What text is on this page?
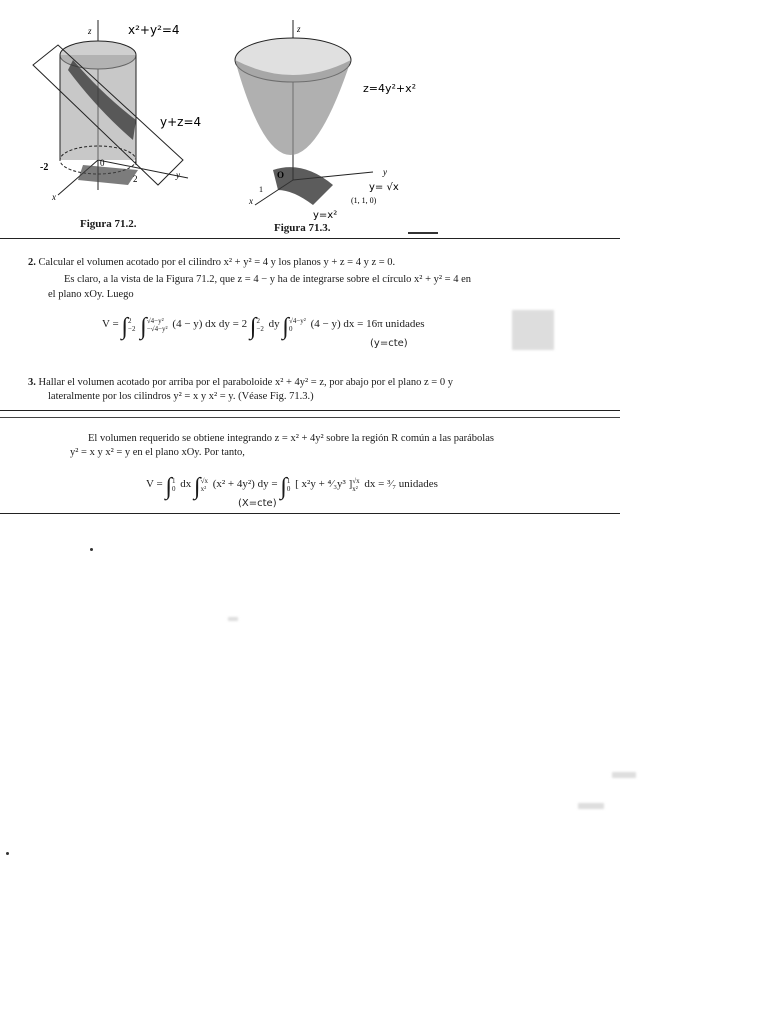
z
y
x
0
-2
2
x²+y²=4
y+z=4
z
y
x
O
1
(1, 1, 0)
z=4y²+x²
y= √x
y=x²
Figura 71.2.	Figura 71.3.
2. Calcular el volumen acotado por el cilindro x² + y² = 4 y los planos y + z = 4 y z = 0.
Es claro, a la vista de la Figura 71.2, que z = 4 − y ha de integrarse sobre el círculo x² + y² = 4 en
el plano xOy. Luego
V = ∫2
−2 ∫√4−y²
−√4−y² (4 − y) dx dy = 2 ∫2
−2 dy ∫√4−y²
0 (4 − y) dx = 16π unidades
(y=cte)
3. Hallar el volumen acotado por arriba por el paraboloide x² + 4y² = z, por abajo por el plano z = 0 y
lateralmente por los cilindros y² = x y x² = y. (Véase Fig. 71.3.)
El volumen requerido se obtiene integrando z = x² + 4y² sobre la región R común a las parábolas
y² = x y x² = y en el plano xOy. Por tanto,
V = ∫1
0 dx ∫√x
x² (x² + 4y²) dy = ∫1
0 [ x²y + ⁴⁄₃y³ ]√x
x² dx = ³⁄₇ unidades
(X=cte)
